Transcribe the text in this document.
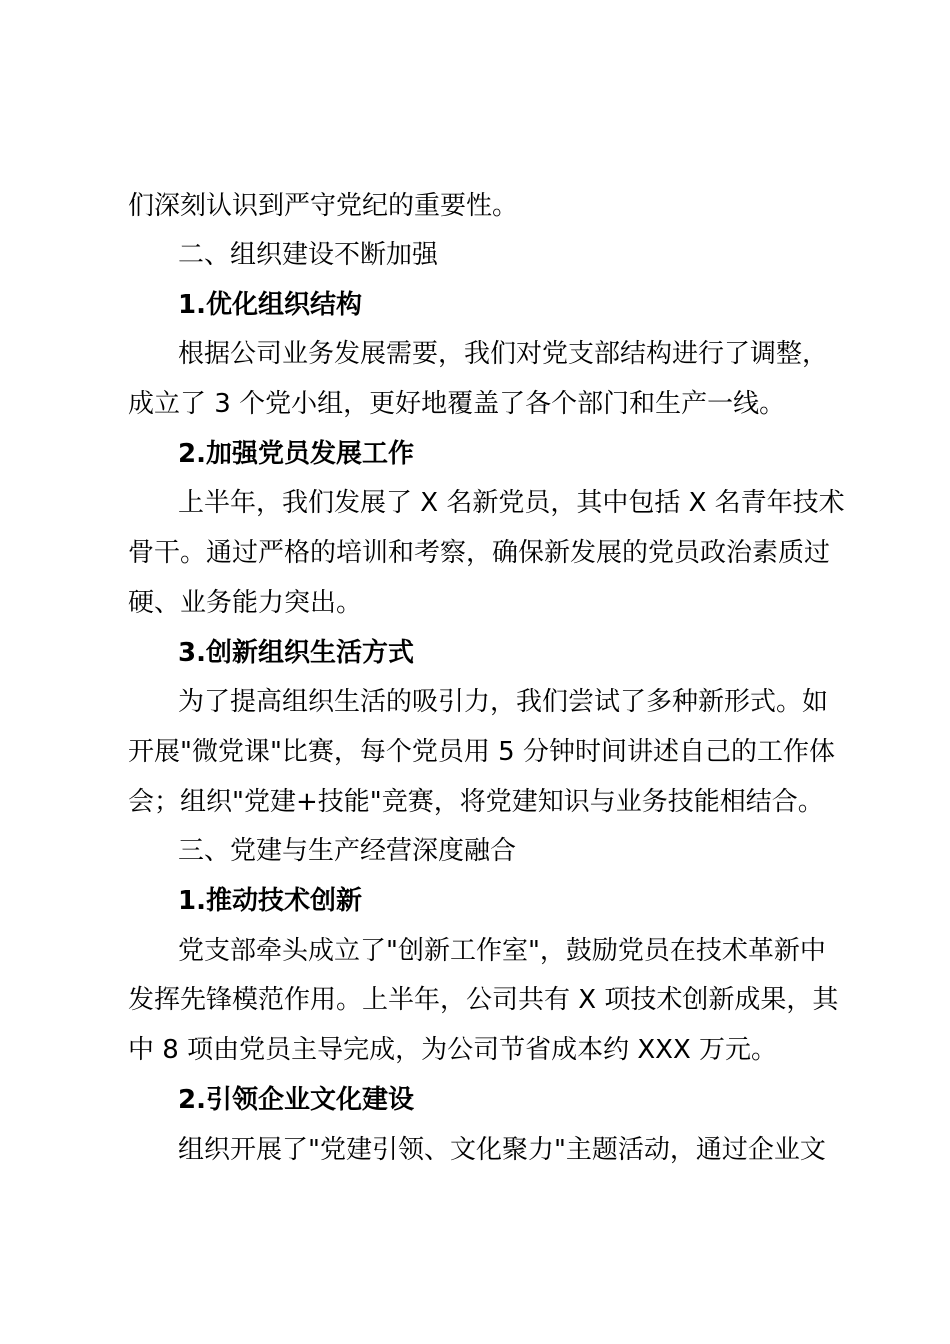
们深刻认识到严守党纪的重要性。
二、组织建设不断加强
1.优化组织结构
根据公司业务发展需要，我们对党支部结构进行了调整，
成立了 3 个党小组，更好地覆盖了各个部门和生产一线。
2.加强党员发展工作
上半年，我们发展了 X 名新党员，其中包括 X 名青年技术
骨干。通过严格的培训和考察，确保新发展的党员政治素质过
硬、业务能力突出。
3.创新组织生活方式
为了提高组织生活的吸引力，我们尝试了多种新形式。如
开展"微党课"比赛，每个党员用 5 分钟时间讲述自己的工作体
会；组织"党建+技能"竞赛，将党建知识与业务技能相结合。
三、党建与生产经营深度融合
1.推动技术创新
党支部牵头成立了"创新工作室"，鼓励党员在技术革新中
发挥先锋模范作用。上半年，公司共有 X 项技术创新成果，其
中 8 项由党员主导完成，为公司节省成本约 XXX 万元。
2.引领企业文化建设
组织开展了"党建引领、文化聚力"主题活动，通过企业文
